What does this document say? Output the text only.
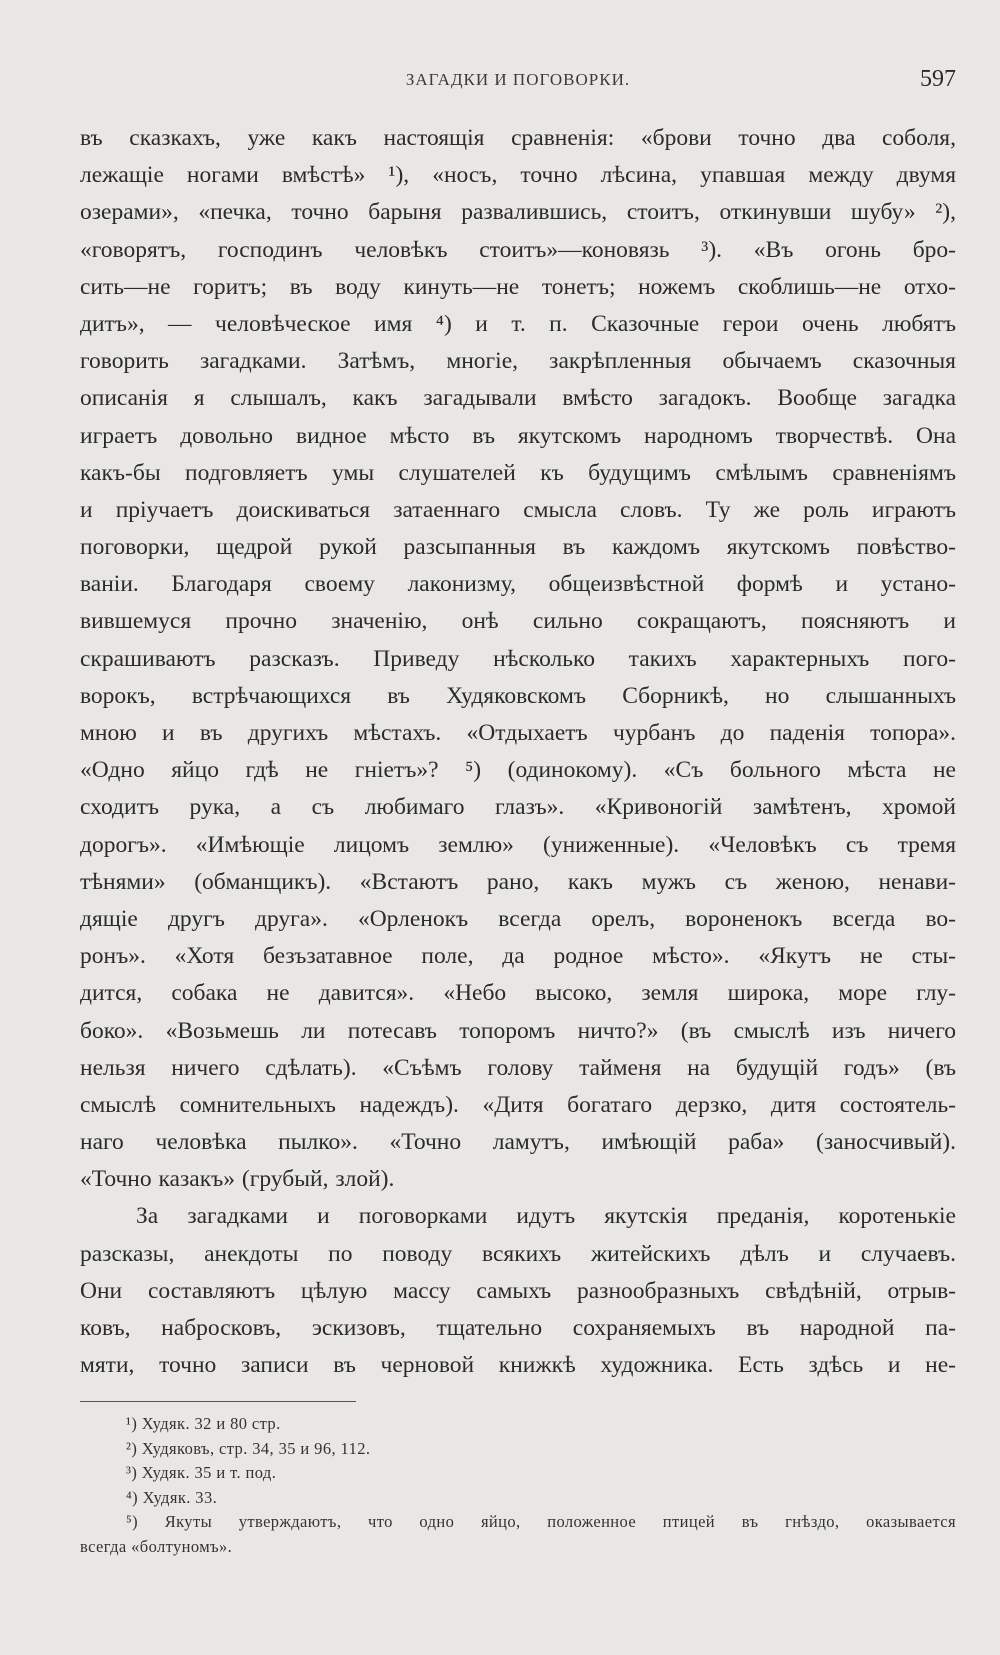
ЗАГАДКИ И ПОГОВОРКИ.	597
въ сказкахъ, уже какъ настоящія сравненія: «брови точно два соболя,
лежащіе ногами вмѣстѣ» ¹), «носъ, точно лѣсина, упавшая между двумя
озерами», «печка, точно барыня развалившись, стоитъ, откинувши шубу» ²),
«говорятъ, господинъ человѣкъ стоитъ»—коновязь ³). «Въ огонь бро-
сить—не горитъ; въ воду кинуть—не тонетъ; ножемъ скоблишь—не отхо-
дитъ», — человѣческое имя ⁴) и т. п. Сказочные герои очень любятъ
говорить загадками. Затѣмъ, многіе, закрѣпленныя обычаемъ сказочныя
описанія я слышалъ, какъ загадывали вмѣсто загадокъ. Вообще загадка
играетъ довольно видное мѣсто въ якутскомъ народномъ творчествѣ. Она
какъ-бы подговляетъ умы слушателей къ будущимъ смѣлымъ сравненіямъ
и пріучаетъ доискиваться затаеннаго смысла словъ. Ту же роль играютъ
поговорки, щедрой рукой разсыпанныя въ каждомъ якутскомъ повѣство-
ваніи. Благодаря своему лаконизму, общеизвѣстной формѣ и устано-
вившемуся прочно значенію, онѣ сильно сокращаютъ, поясняютъ и
скрашиваютъ разсказъ. Приведу нѣсколько такихъ характерныхъ пого-
ворокъ, встрѣчающихся въ Худяковскомъ Сборникѣ, но слышанныхъ
мною и въ другихъ мѣстахъ. «Отдыхаетъ чурбанъ до паденія топора».
«Одно яйцо гдѣ не гніетъ»? ⁵) (одинокому). «Съ больного мѣста не
сходитъ рука, а съ любимаго глазъ». «Кривоногій замѣтенъ, хромой
дорогъ». «Имѣющіе лицомъ землю» (униженные). «Человѣкъ съ тремя
тѣнями» (обманщикъ). «Встаютъ рано, какъ мужъ съ женою, ненави-
дящіе другъ друга». «Орленокъ всегда орелъ, вороненокъ всегда во-
ронъ». «Хотя безъзатавное поле, да родное мѣсто». «Якутъ не сты-
дится, собака не давится». «Небо высоко, земля широка, море глу-
боко». «Возьмешь ли потесавъ топоромъ ничто?» (въ смыслѣ изъ ничего
нельзя ничего сдѣлать). «Съѣмъ голову тайменя на будущій годъ» (въ
смыслѣ сомнительныхъ надеждъ). «Дитя богатаго дерзко, дитя состоятель-
наго человѣка пылко». «Точно ламутъ, имѣющій раба» (заносчивый).
«Точно казакъ» (грубый, злой).
За загадками и поговорками идутъ якутскія преданія, коротенькіе
разсказы, анекдоты по поводу всякихъ житейскихъ дѣлъ и случаевъ.
Они составляютъ цѣлую массу самыхъ разнообразныхъ свѣдѣній, отрыв-
ковъ, набросковъ, эскизовъ, тщательно сохраняемыхъ въ народной па-
мяти, точно записи въ черновой книжкѣ художника. Есть здѣсь и не-
¹) Худяк. 32 и 80 стр.
²) Худяковъ, стр. 34, 35 и 96, 112.
³) Худяк. 35 и т. под.
⁴) Худяк. 33.
⁵) Якуты утверждаютъ, что одно яйцо, положенное птицей въ гнѣздо, оказывается
всегда «болтуномъ».
